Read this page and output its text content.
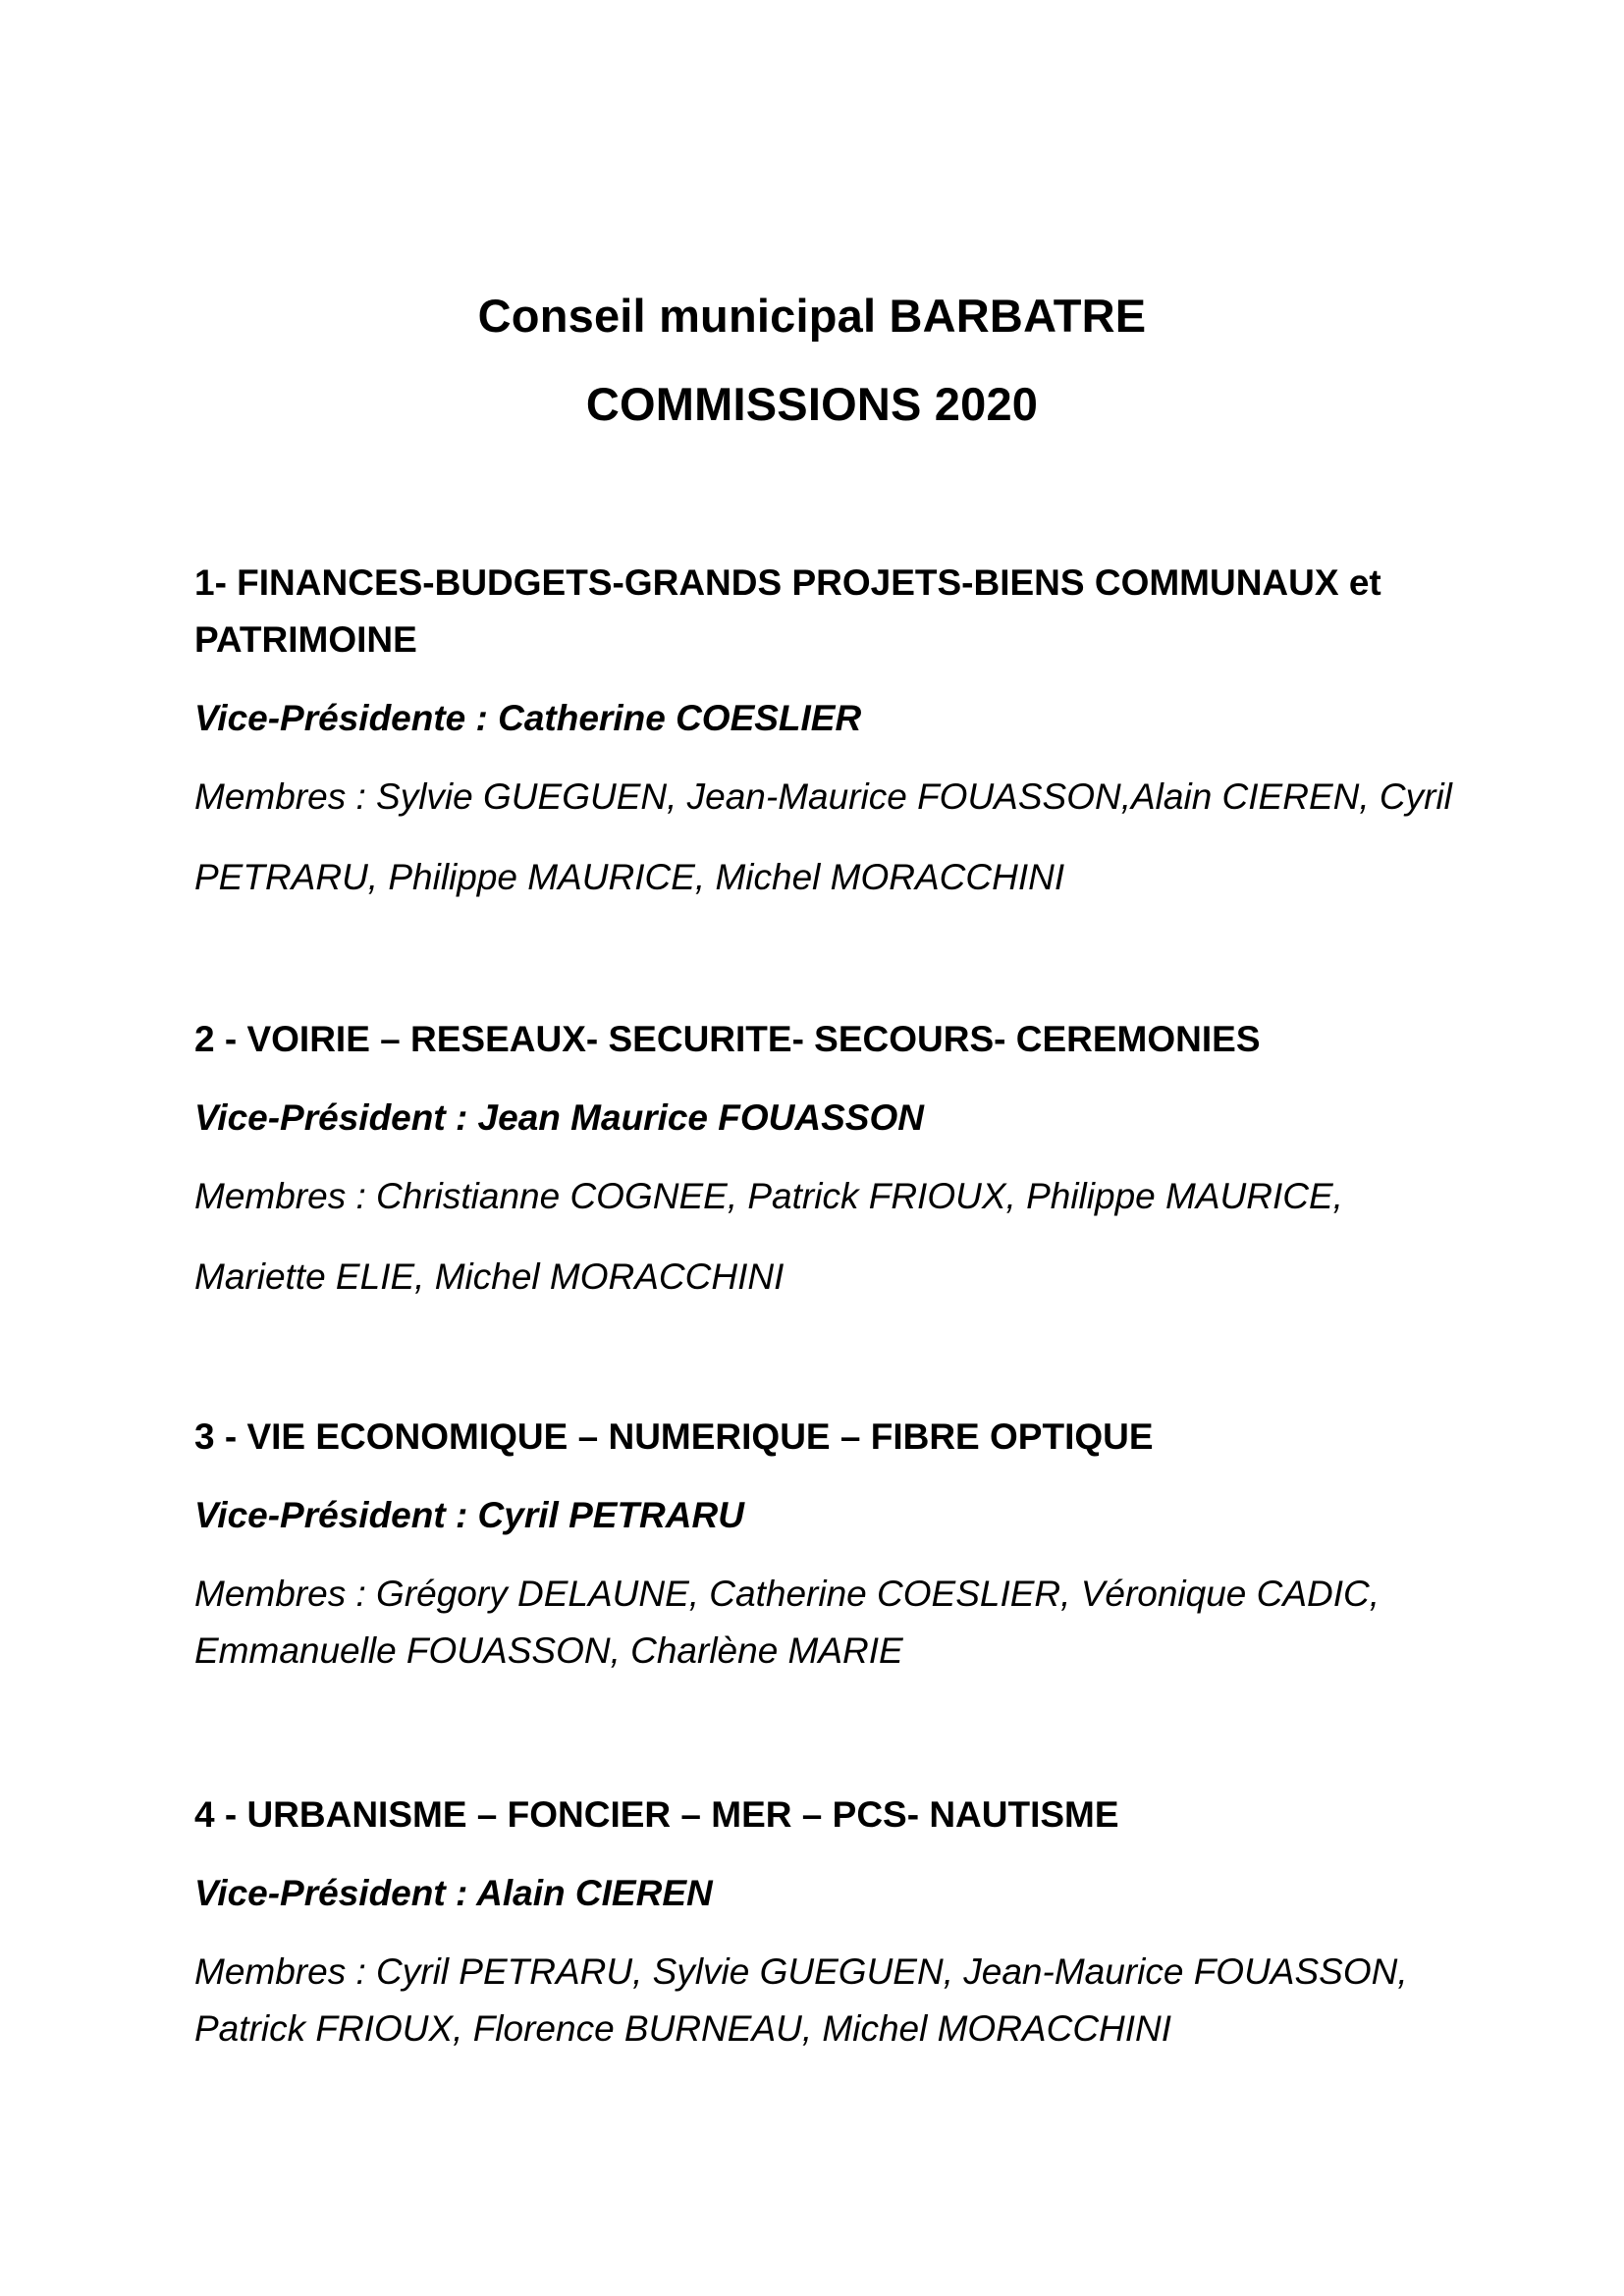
Conseil municipal BARBATRE
COMMISSIONS 2020

1- FINANCES-BUDGETS-GRANDS PROJETS-BIENS COMMUNAUX et PATRIMOINE

Vice-Présidente : Catherine COESLIER

Membres : Sylvie GUEGUEN, Jean-Maurice FOUASSON,Alain CIEREN, Cyril PETRARU, Philippe MAURICE, Michel MORACCHINI

2 - VOIRIE – RESEAUX- SECURITE- SECOURS- CEREMONIES

Vice-Président : Jean Maurice FOUASSON

Membres : Christianne COGNEE, Patrick FRIOUX, Philippe MAURICE, Mariette ELIE, Michel MORACCHINI

3 - VIE ECONOMIQUE – NUMERIQUE – FIBRE OPTIQUE

Vice-Président : Cyril PETRARU

Membres : Grégory DELAUNE, Catherine COESLIER, Véronique CADIC, Emmanuelle FOUASSON, Charlène MARIE

4 - URBANISME – FONCIER – MER – PCS- NAUTISME

Vice-Président : Alain CIEREN

Membres : Cyril PETRARU, Sylvie GUEGUEN, Jean-Maurice FOUASSON, Patrick FRIOUX, Florence BURNEAU, Michel MORACCHINI
